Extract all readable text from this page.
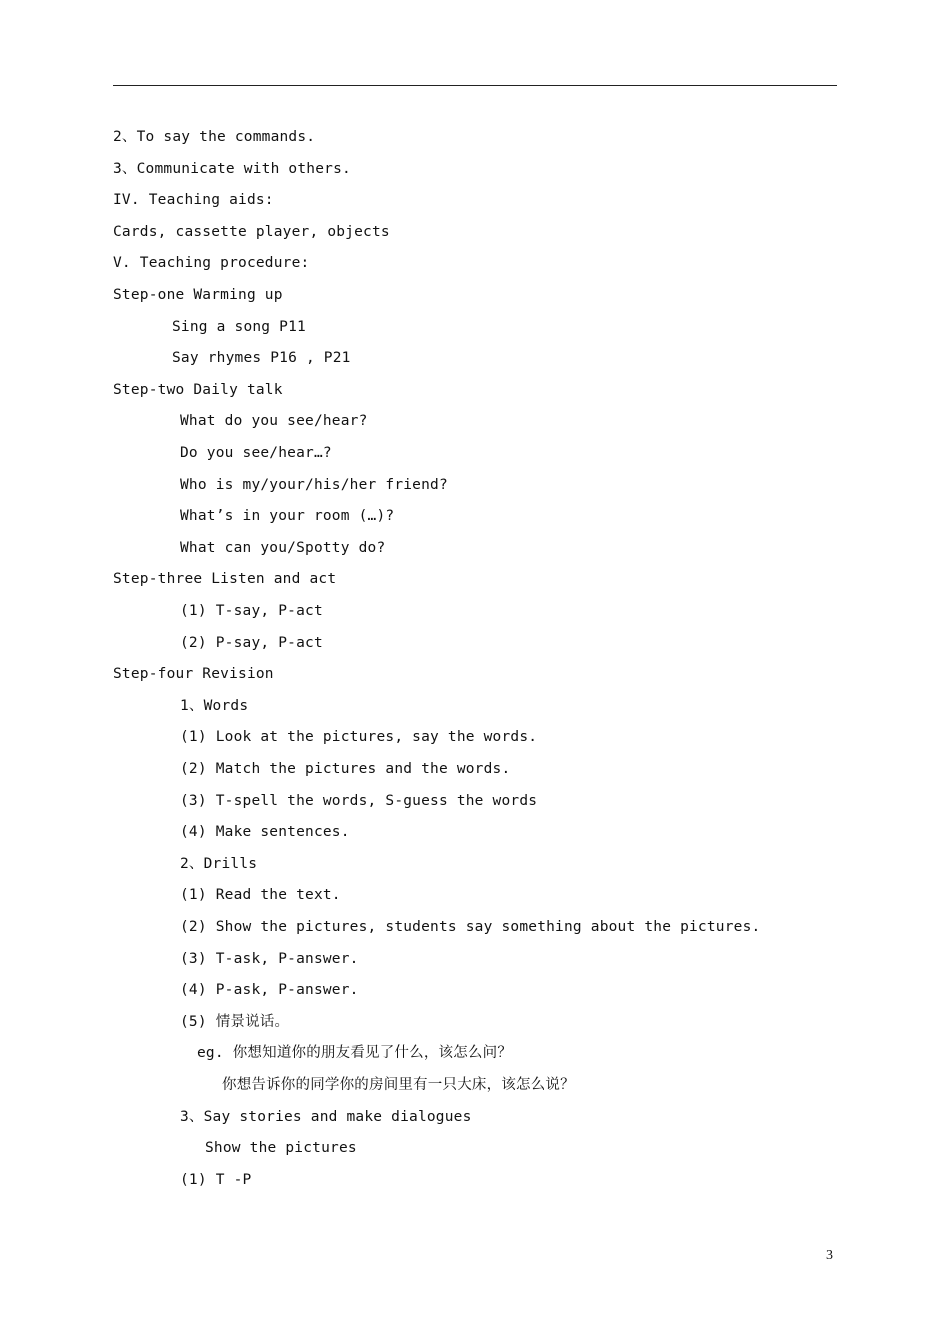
2、To say the commands.
3、Communicate with others.
IV. Teaching aids:
Cards, cassette player, objects
V. Teaching procedure:
Step-one Warming up
Sing a song P11
Say rhymes P16 , P21
Step-two Daily talk
What do you see/hear?
Do you see/hear…?
Who is my/your/his/her friend?
What’s in your room (…)?
What can you/Spotty do?
Step-three Listen and act
(1) T-say, P-act
(2) P-say, P-act
Step-four Revision
1、Words
(1) Look at the pictures, say the words.
(2) Match the pictures and the words.
(3) T-spell the words, S-guess the words
(4) Make sentences.
2、Drills
(1) Read the text.
(2) Show the pictures, students say something about the pictures.
(3) T-ask, P-answer.
(4) P-ask, P-answer.
(5) 情景说话。
eg. 你想知道你的朋友看见了什么，该怎么问？
你想告诉你的同学你的房间里有一只大床，该怎么说？
3、Say stories and make dialogues
Show the pictures
(1) T -P
3
